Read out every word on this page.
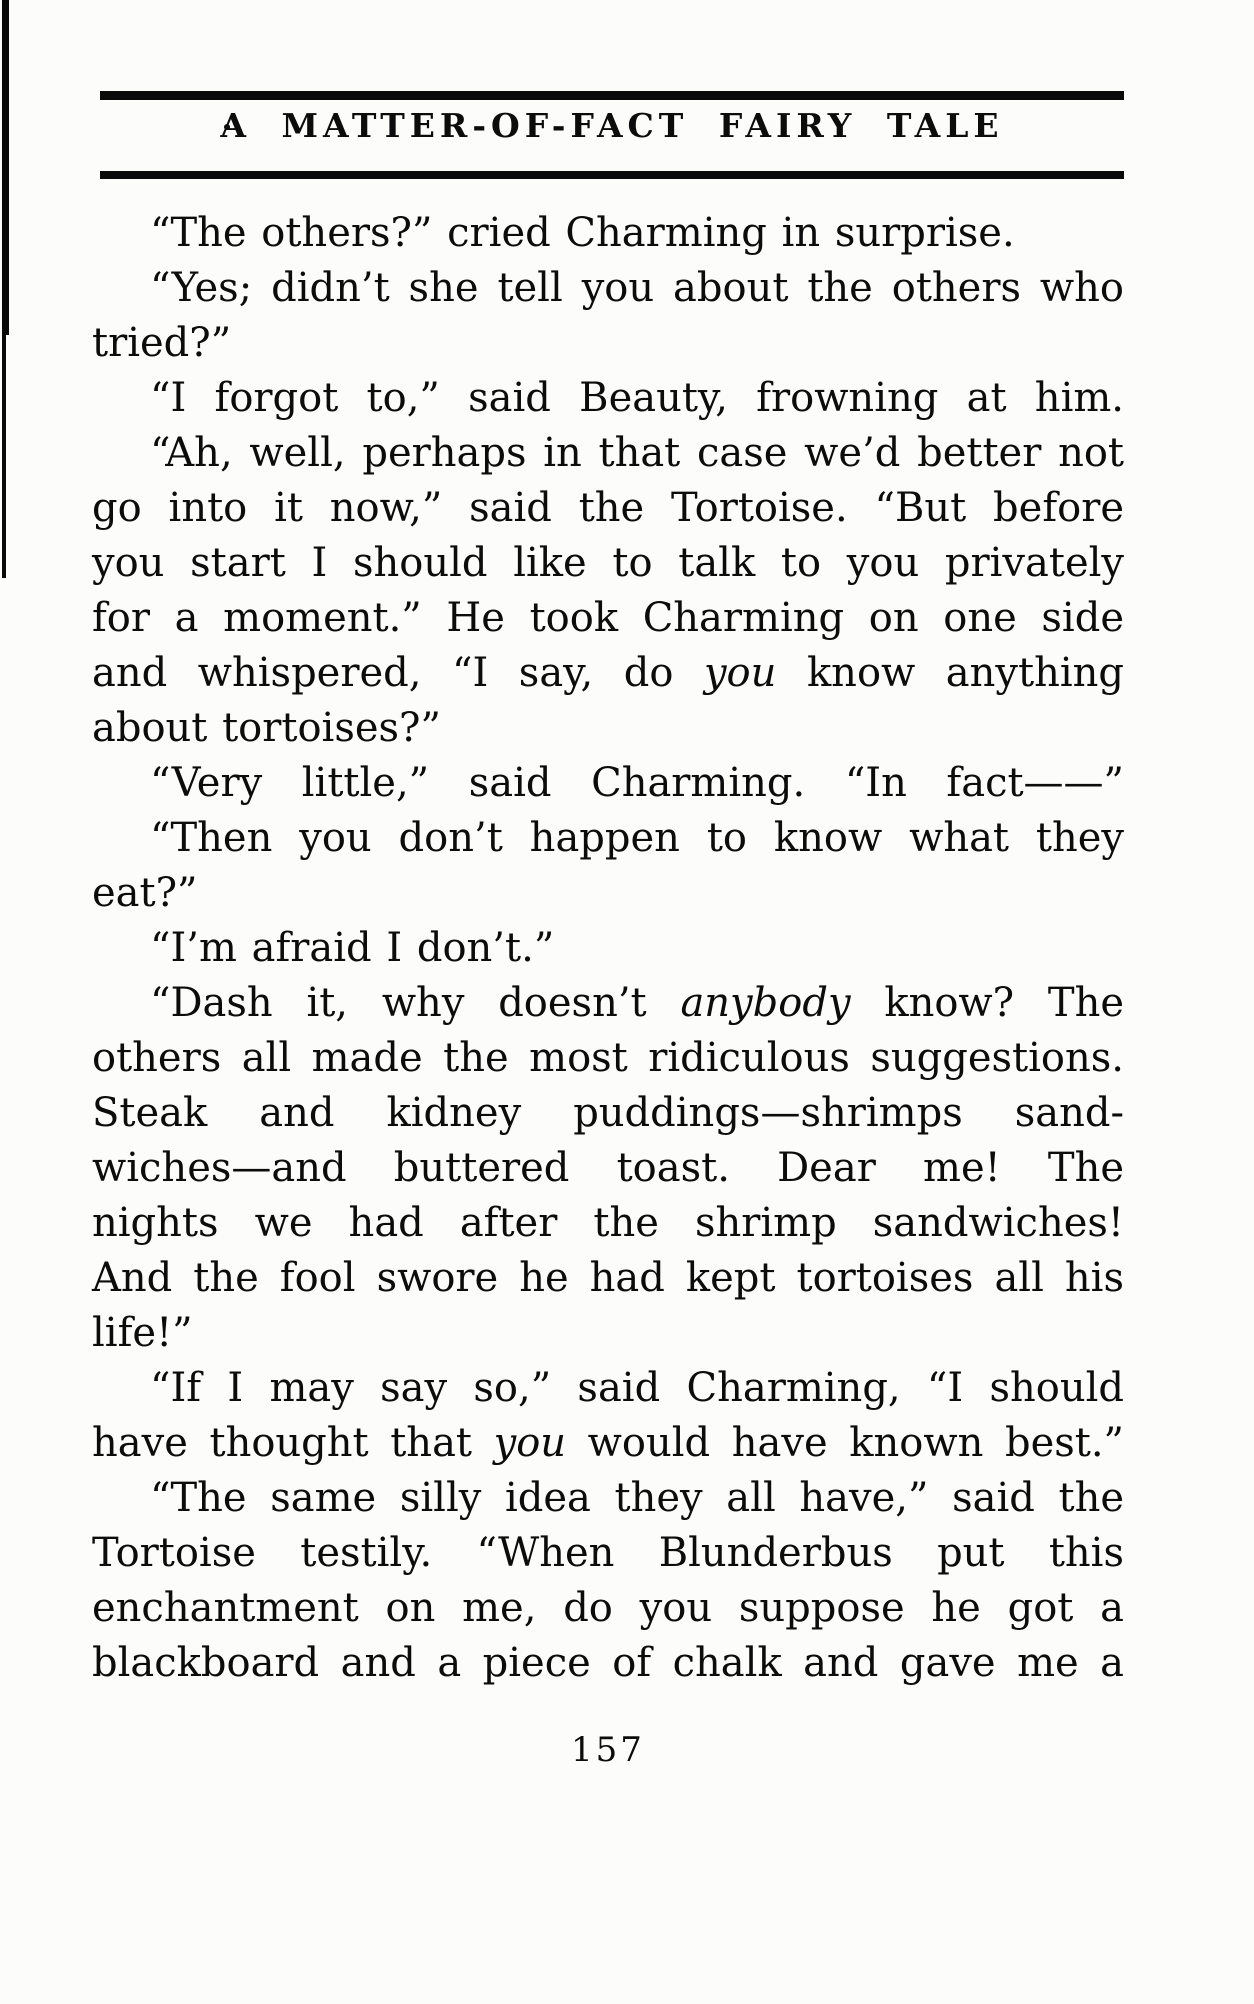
A MATTER-OF-FACT FAIRY TALE
“The others?” cried Charming in surprise.
“Yes; didn’t she tell you about the others who
tried?”
“I forgot to,” said Beauty, frowning at him.
“Ah, well, perhaps in that case we’d better not
go into it now,” said the Tortoise. “But before
you start I should like to talk to you privately
for a moment.” He took Charming on one side
and whispered, “I say, do you know anything
about tortoises?”
“Very little,” said Charming. “In fact——”
“Then you don’t happen to know what they
eat?”
“I’m afraid I don’t.”
“Dash it, why doesn’t anybody know? The
others all made the most ridiculous suggestions.
Steak and kidney puddings—shrimps sand-
wiches—and buttered toast. Dear me! The
nights we had after the shrimp sandwiches!
And the fool swore he had kept tortoises all his
life!”
“If I may say so,” said Charming, “I should
have thought that you would have known best.”
“The same silly idea they all have,” said the
Tortoise testily. “When Blunderbus put this
enchantment on me, do you suppose he got a
blackboard and a piece of chalk and gave me a
157
